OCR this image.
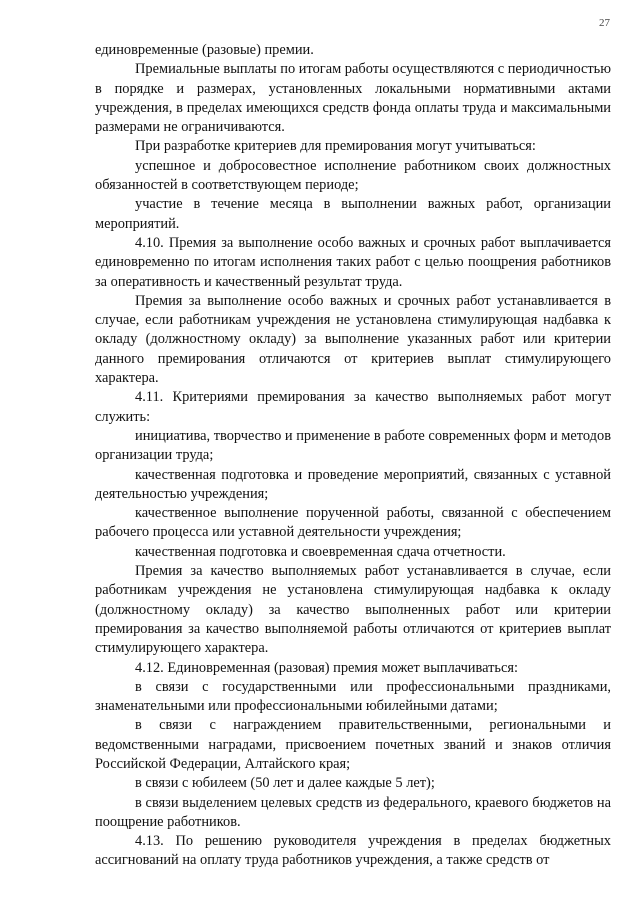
27

единовременные (разовые) премии.

Премиальные выплаты по итогам работы осуществляются с периодичностью в порядке и размерах, установленных локальными нормативными актами учреждения, в пределах имеющихся средств фонда оплаты труда и максимальными размерами не ограничиваются.

При разработке критериев для премирования могут учитываться:

успешное и добросовестное исполнение работником своих должностных обязанностей в соответствующем периоде;

участие в течение месяца в выполнении важных работ, организации мероприятий.

4.10. Премия за выполнение особо важных и срочных работ выплачивается единовременно по итогам исполнения таких работ с целью поощрения работников за оперативность и качественный результат труда.

Премия за выполнение особо важных и срочных работ устанавливается в случае, если работникам учреждения не установлена стимулирующая надбавка к окладу (должностному окладу) за выполнение указанных работ или критерии данного премирования отличаются от критериев выплат стимулирующего характера.

4.11. Критериями премирования за качество выполняемых работ могут служить:

инициатива, творчество и применение в работе современных форм и методов организации труда;

качественная подготовка и проведение мероприятий, связанных с уставной деятельностью учреждения;

качественное выполнение порученной работы, связанной с обеспечением рабочего процесса или уставной деятельности учреждения;

качественная подготовка и своевременная сдача отчетности.

Премия за качество выполняемых работ устанавливается в случае, если работникам учреждения не установлена стимулирующая надбавка к окладу (должностному окладу) за качество выполненных работ или критерии премирования за качество выполняемой работы отличаются от критериев выплат стимулирующего характера.

4.12. Единовременная (разовая) премия может выплачиваться:

в связи с государственными или профессиональными праздниками, знаменательными или профессиональными юбилейными датами;

в связи с награждением правительственными, региональными и ведомственными наградами, присвоением почетных званий и знаков отличия Российской Федерации, Алтайского края;

в связи с юбилеем (50 лет и далее каждые 5 лет);

в связи выделением целевых средств из федерального, краевого бюджетов на поощрение работников.

4.13. По решению руководителя учреждения в пределах бюджетных ассигнований на оплату труда работников учреждения, а также средств от
